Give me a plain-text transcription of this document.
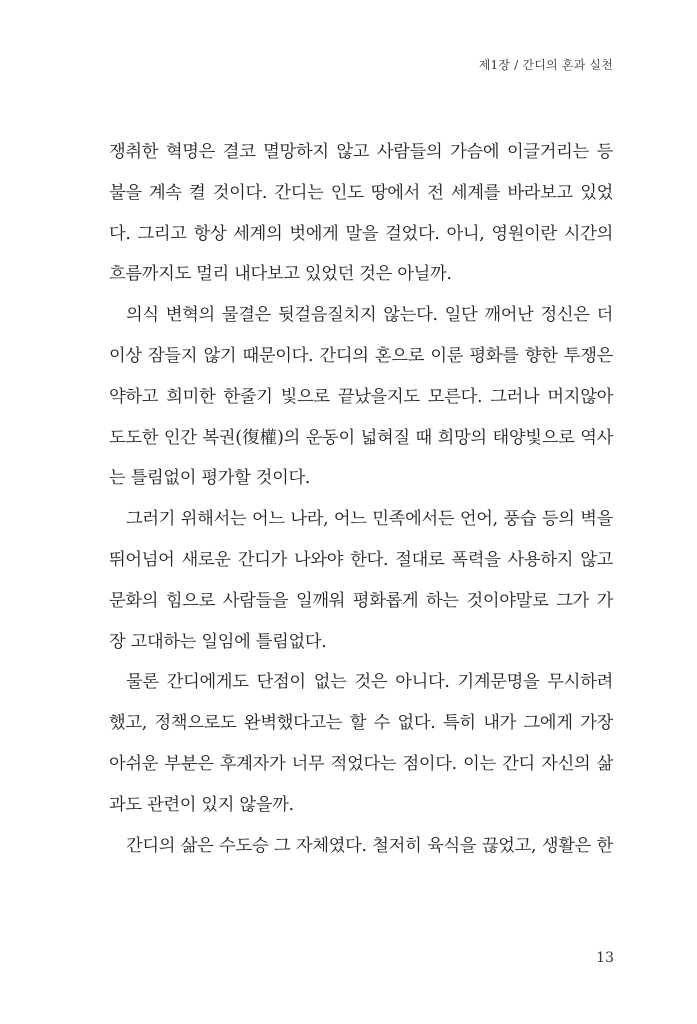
제1장 / 간디의 혼과 실천
쟁취한 혁명은 결코 멸망하지 않고 사람들의 가슴에 이글거리는 등
불을 계속 켤 것이다. 간디는 인도 땅에서 전 세계를 바라보고 있었
다. 그리고 항상 세계의 벗에게 말을 걸었다. 아니, 영원이란 시간의
흐름까지도 멀리 내다보고 있었던 것은 아닐까.
의식 변혁의 물결은 뒷걸음질치지 않는다. 일단 깨어난 정신은 더
이상 잠들지 않기 때문이다. 간디의 혼으로 이룬 평화를 향한 투쟁은
약하고 희미한 한줄기 빛으로 끝났을지도 모른다. 그러나 머지않아
도도한 인간 복권(復權)의 운동이 넓혀질 때 희망의 태양빛으로 역사
는 틀림없이 평가할 것이다.
그러기 위해서는 어느 나라, 어느 민족에서든 언어, 풍습 등의 벽을
뛰어넘어 새로운 간디가 나와야 한다. 절대로 폭력을 사용하지 않고
문화의 힘으로 사람들을 일깨워 평화롭게 하는 것이야말로 그가 가
장 고대하는 일임에 틀림없다.
물론 간디에게도 단점이 없는 것은 아니다. 기계문명을 무시하려
했고, 정책으로도 완벽했다고는 할 수 없다. 특히 내가 그에게 가장
아쉬운 부분은 후계자가 너무 적었다는 점이다. 이는 간디 자신의 삶
과도 관련이 있지 않을까.
간디의 삶은 수도승 그 자체였다. 철저히 육식을 끊었고, 생활은 한
13
